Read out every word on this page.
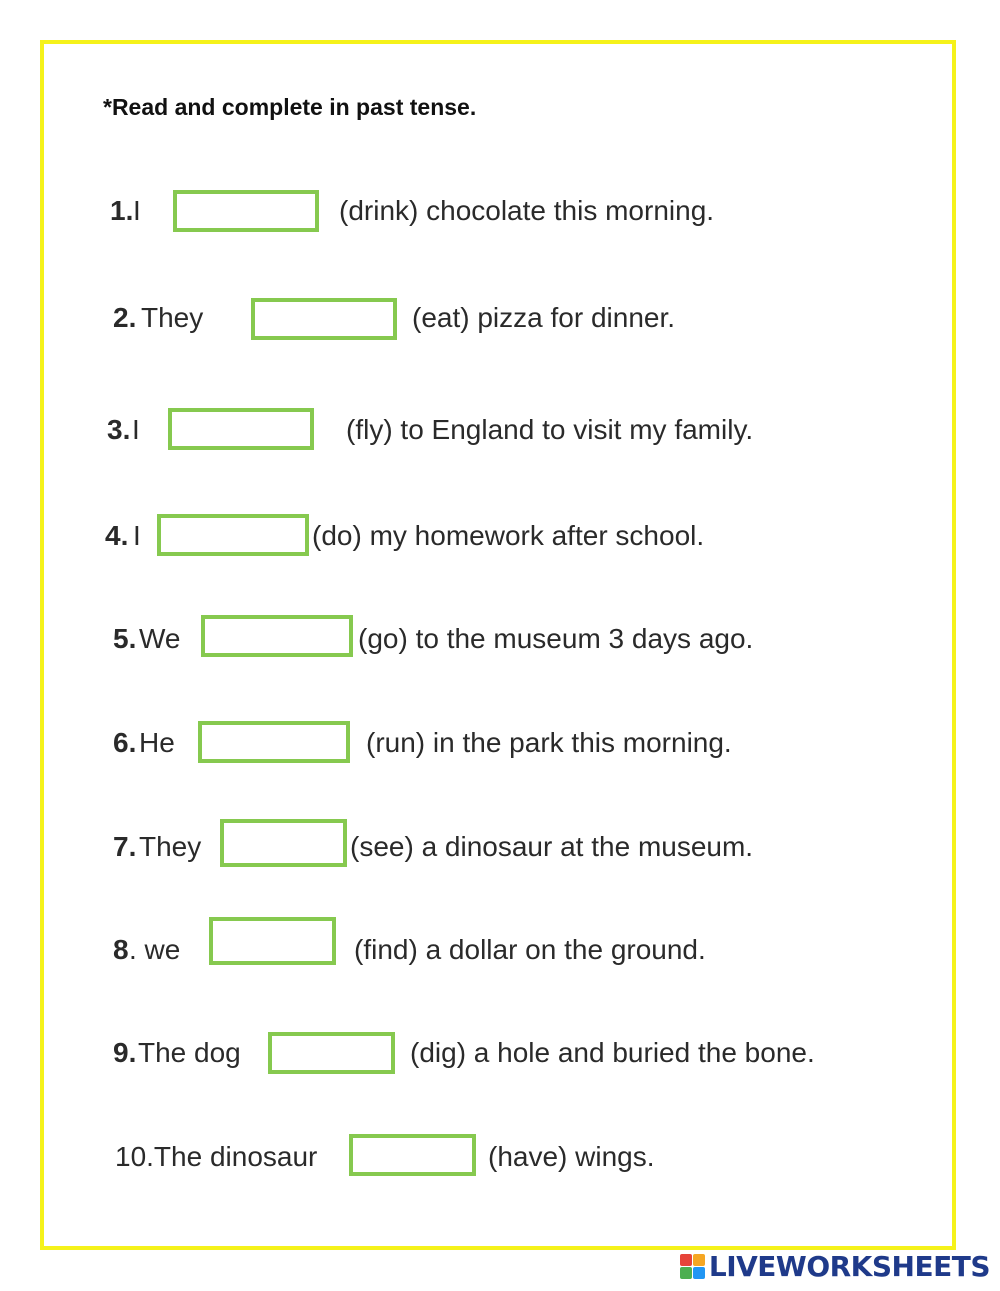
*Read and complete in past tense.

1. I	(drink) chocolate this morning.
2. They	(eat) pizza for dinner.
3. I	(fly) to England to visit my family.
4. I	(do) my homework after school.
5. We	(go) to the museum 3 days ago.
6. He	(run) in the park this morning.
7. They	(see) a dinosaur at the museum.
8 . we	(find) a dollar on the ground.
9. The dog	(dig) a hole and buried the bone.
10.The dinosaur	(have) wings.
LIVEWORKSHEETS
